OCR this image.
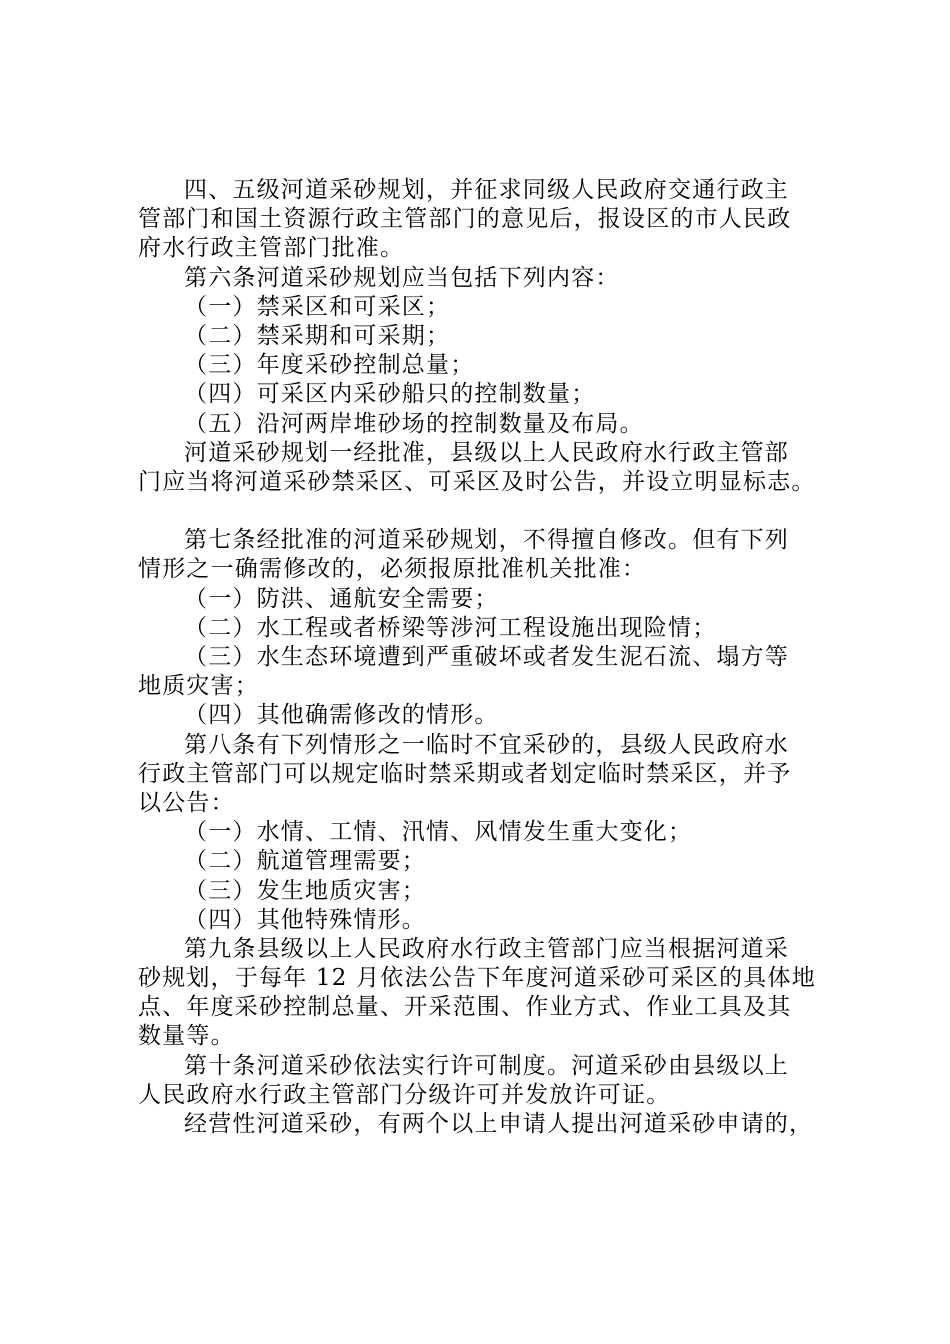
四、五级河道采砂规划，并征求同级人民政府交通行政主
管部门和国土资源行政主管部门的意见后，报设区的市人民政
府水行政主管部门批准。
第六条河道采砂规划应当包括下列内容：
（一）禁采区和可采区；
（二）禁采期和可采期；
（三）年度采砂控制总量；
（四）可采区内采砂船只的控制数量；
（五）沿河两岸堆砂场的控制数量及布局。
河道采砂规划一经批准，县级以上人民政府水行政主管部
门应当将河道采砂禁采区、可采区及时公告，并设立明显标志。
第七条经批准的河道采砂规划，不得擅自修改。但有下列
情形之一确需修改的，必须报原批准机关批准：
（一）防洪、通航安全需要；
（二）水工程或者桥梁等涉河工程设施出现险情；
（三）水生态环境遭到严重破坏或者发生泥石流、塌方等
地质灾害；
（四）其他确需修改的情形。
第八条有下列情形之一临时不宜采砂的，县级人民政府水
行政主管部门可以规定临时禁采期或者划定临时禁采区，并予
以公告：
（一）水情、工情、汛情、风情发生重大变化；
（二）航道管理需要；
（三）发生地质灾害；
（四）其他特殊情形。
第九条县级以上人民政府水行政主管部门应当根据河道采
砂规划，于每年 12 月依法公告下年度河道采砂可采区的具体地
点、年度采砂控制总量、开采范围、作业方式、作业工具及其
数量等。
第十条河道采砂依法实行许可制度。河道采砂由县级以上
人民政府水行政主管部门分级许可并发放许可证。
经营性河道采砂，有两个以上申请人提出河道采砂申请的，
